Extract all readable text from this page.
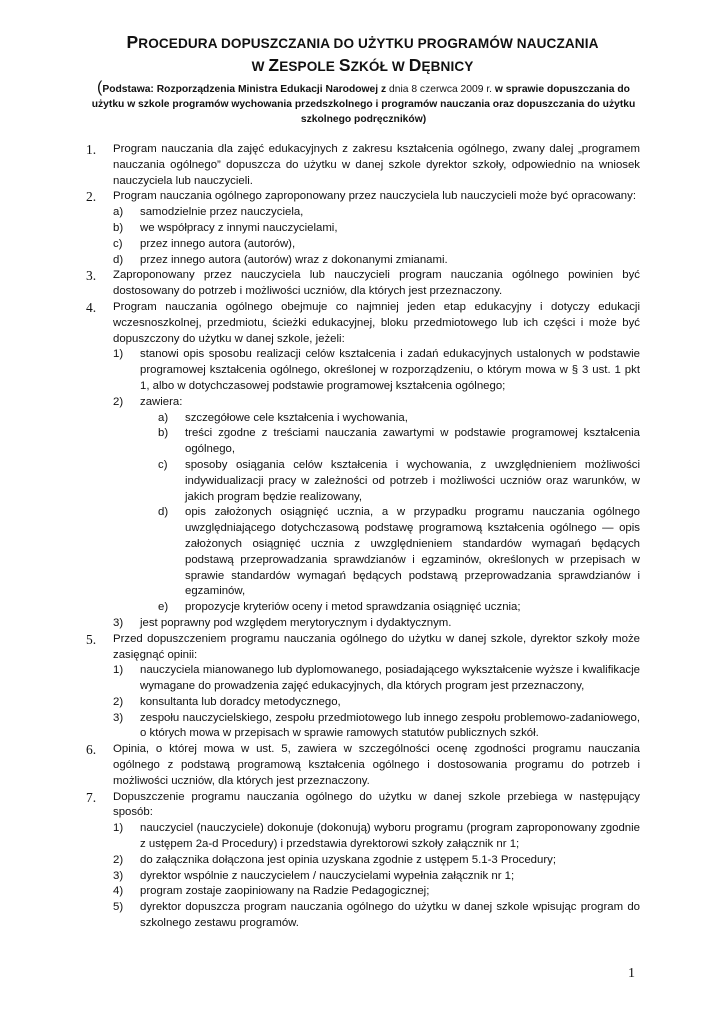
PROCEDURA DOPUSZCZANIA DO UŻYTKU PROGRAMÓW NAUCZANIA
W ZESPOLE SZKÓŁ W DĘBNICY
(Podstawa: Rozporządzenia Ministra Edukacji Narodowej z dnia 8 czerwca 2009 r. w sprawie dopuszczania do użytku w szkole programów wychowania przedszkolnego i programów nauczania oraz dopuszczania do użytku szkolnego podręczników)
1. Program nauczania dla zajęć edukacyjnych z zakresu kształcenia ogólnego, zwany dalej „programem nauczania ogólnego” dopuszcza do użytku w danej szkole dyrektor szkoły, odpowiednio na wniosek nauczyciela lub nauczycieli.
2. Program nauczania ogólnego zaproponowany przez nauczyciela lub nauczycieli może być opracowany:
a) samodzielnie przez nauczyciela,
b) we współpracy z innymi nauczycielami,
c) przez innego autora (autorów),
d) przez innego autora (autorów) wraz z dokonanymi zmianami.
3. Zaproponowany przez nauczyciela lub nauczycieli program nauczania ogólnego powinien być dostosowany do potrzeb i możliwości uczniów, dla których jest przeznaczony.
4. Program nauczania ogólnego obejmuje co najmniej jeden etap edukacyjny i dotyczy edukacji wczesnoszkolnej, przedmiotu, ścieżki edukacyjnej, bloku przedmiotowego lub ich części i może być dopuszczony do użytku w danej szkole, jeżeli:
1) stanowi opis sposobu realizacji celów kształcenia i zadań edukacyjnych ustalonych w podstawie programowej kształcenia ogólnego, określonej w rozporządzeniu, o którym mowa w § 3 ust. 1 pkt 1, albo w dotychczasowej podstawie programowej kształcenia ogólnego;
2) zawiera:
a) szczegółowe cele kształcenia i wychowania,
b) treści zgodne z treściami nauczania zawartymi w podstawie programowej kształcenia ogólnego,
c) sposoby osiągania celów kształcenia i wychowania, z uwzględnieniem możliwości indywidualizacji pracy w zależności od potrzeb i możliwości uczniów oraz warunków, w jakich program będzie realizowany,
d) opis założonych osiągnięć ucznia, a w przypadku programu nauczania ogólnego uwzględniającego dotychczasową podstawę programową kształcenia ogólnego — opis założonych osiągnięć ucznia z uwzględnieniem standardów wymagań będących podstawą przeprowadzania sprawdzianów i egzaminów, określonych w przepisach w sprawie standardów wymagań będących podstawą przeprowadzania sprawdzianów i egzaminów,
e) propozycje kryteriów oceny i metod sprawdzania osiągnięć ucznia;
3) jest poprawny pod względem merytorycznym i dydaktycznym.
5. Przed dopuszczeniem programu nauczania ogólnego do użytku w danej szkole, dyrektor szkoły może zasięgnąć opinii:
1) nauczyciela mianowanego lub dyplomowanego, posiadającego wykształcenie wyższe i kwalifikacje wymagane do prowadzenia zajęć edukacyjnych, dla których program jest przeznaczony,
2) konsultanta lub doradcy metodycznego,
3) zespołu nauczycielskiego, zespołu przedmiotowego lub innego zespołu problemowo-zadaniowego, o których mowa w przepisach w sprawie ramowych statutów publicznych szkół.
6. Opinia, o której mowa w ust. 5, zawiera w szczególności ocenę zgodności programu nauczania ogólnego z podstawą programową kształcenia ogólnego i dostosowania programu do potrzeb i możliwości uczniów, dla których jest przeznaczony.
7. Dopuszczenie programu nauczania ogólnego do użytku w danej szkole przebiega w następujący sposób:
1) nauczyciel (nauczyciele) dokonuje (dokonują) wyboru programu (program zaproponowany zgodnie z ustępem 2a-d Procedury) i przedstawia dyrektorowi szkoły załącznik nr 1;
2) do załącznika dołączona jest opinia uzyskana zgodnie z ustępem 5.1-3 Procedury;
3) dyrektor wspólnie z nauczycielem / nauczycielami wypełnia załącznik nr 1;
4) program zostaje zaopiniowany na Radzie Pedagogicznej;
5) dyrektor dopuszcza program nauczania ogólnego do użytku w danej szkole wpisując program do szkolnego zestawu programów.
1
